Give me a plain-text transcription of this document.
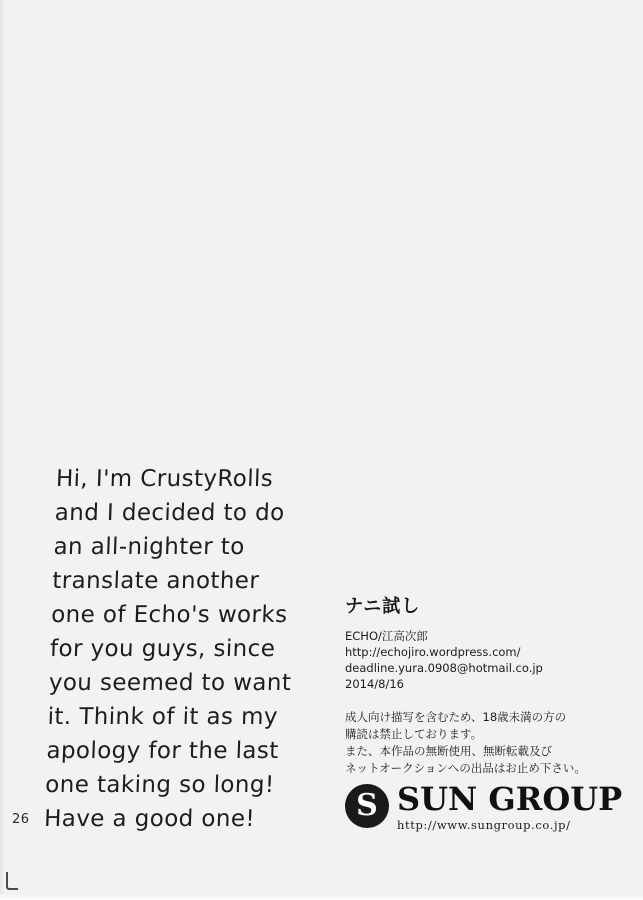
26
Hi, I'm CrustyRolls
and I decided to do
an all-nighter to
translate another
one of Echo's works
for you guys, since
you seemed to want
it. Think of it as my
apology for the last
one taking so long!
Have a good one!
ナニ試し
ECHO/江高次郎
http://echojiro.wordpress.com/
deadline.yura.0908@hotmail.co.jp
2014/8/16
成人向け描写を含むため、18歳未満の方の
購読は禁止しております。
また、本作品の無断使用、無断転載及び
ネットオークションへの出品はお止め下さい。
S SUN GROUP
http://www.sungroup.co.jp/
